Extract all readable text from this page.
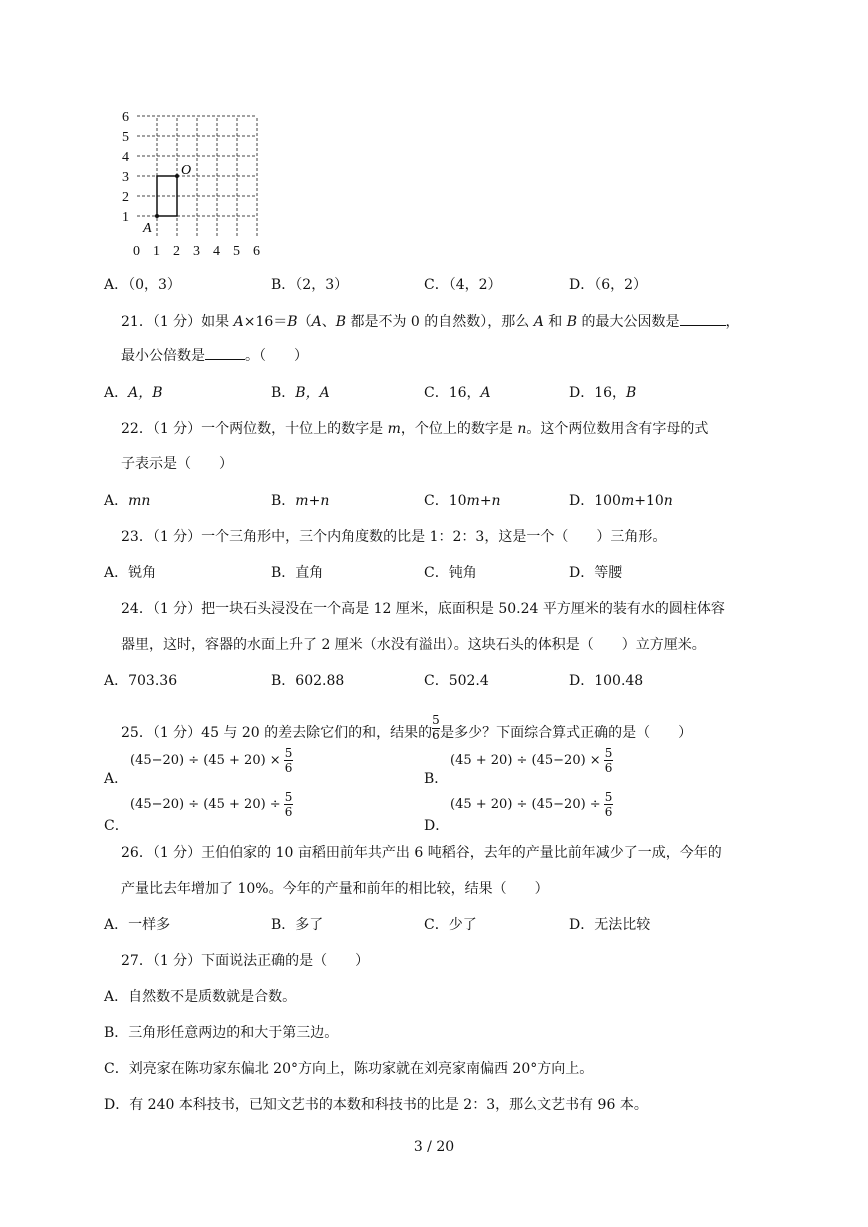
1
2
3
4
5
6
0 1 2 3 4 5 6
O
A
A．（0，3）	B．（2，3）	C．（4，2）	D．（6，2）
21．（1 分）如果 A×16＝B（A、B 都是不为 0 的自然数），那么 A 和 B 的最大公因数是	，
最小公倍数是	。（　　）
A．A，B	B．B，A	C．16，A	D．16，B
22．（1 分）一个两位数，十位上的数字是 m，个位上的数字是 n。这个两位数用含有字母的式
子表示是（　　）
A．mn	B．m+n	C．10m+n	D．100m+10n
23．（1 分）一个三角形中，三个内角度数的比是 1：2：3，这是一个（　　）三角形。
A．锐角	B．直角	C．钝角	D．等腰
24．（1 分）把一块石头浸没在一个高是 12 厘米，底面积是 50.24 平方厘米的装有水的圆柱体容
器里，这时，容器的水面上升了 2 厘米（水没有溢出）。这块石头的体积是（　　）立方厘米。
A．703.36	B．602.88	C．502.4	D．100.48
25．（1 分）45 与 20 的差去除它们的和，结果的
$\frac{5}{6}$
是多少？下面综合算式正确的是（　　）
A．
$(45-20) \div (45 + 20) \times \frac{5}{6}$
B．
$(45 + 20) \div (45-20) \times \frac{5}{6}$
C．
$(45-20) \div (45 + 20) \div \frac{5}{6}$
D．
$(45 + 20) \div (45-20) \div \frac{5}{6}$
26．（1 分）王伯伯家的 10 亩稻田前年共产出 6 吨稻谷，去年的产量比前年减少了一成，今年的
产量比去年增加了 10%。今年的产量和前年的相比较，结果（　　）
A．一样多	B．多了	C．少了	D．无法比较
27．（1 分）下面说法正确的是（　　）
A．自然数不是质数就是合数。
B．三角形任意两边的和大于第三边。
C．刘亮家在陈功家东偏北 20°方向上，陈功家就在刘亮家南偏西 20°方向上。
D．有 240 本科技书，已知文艺书的本数和科技书的比是 2：3，那么文艺书有 96 本。
3 / 20
